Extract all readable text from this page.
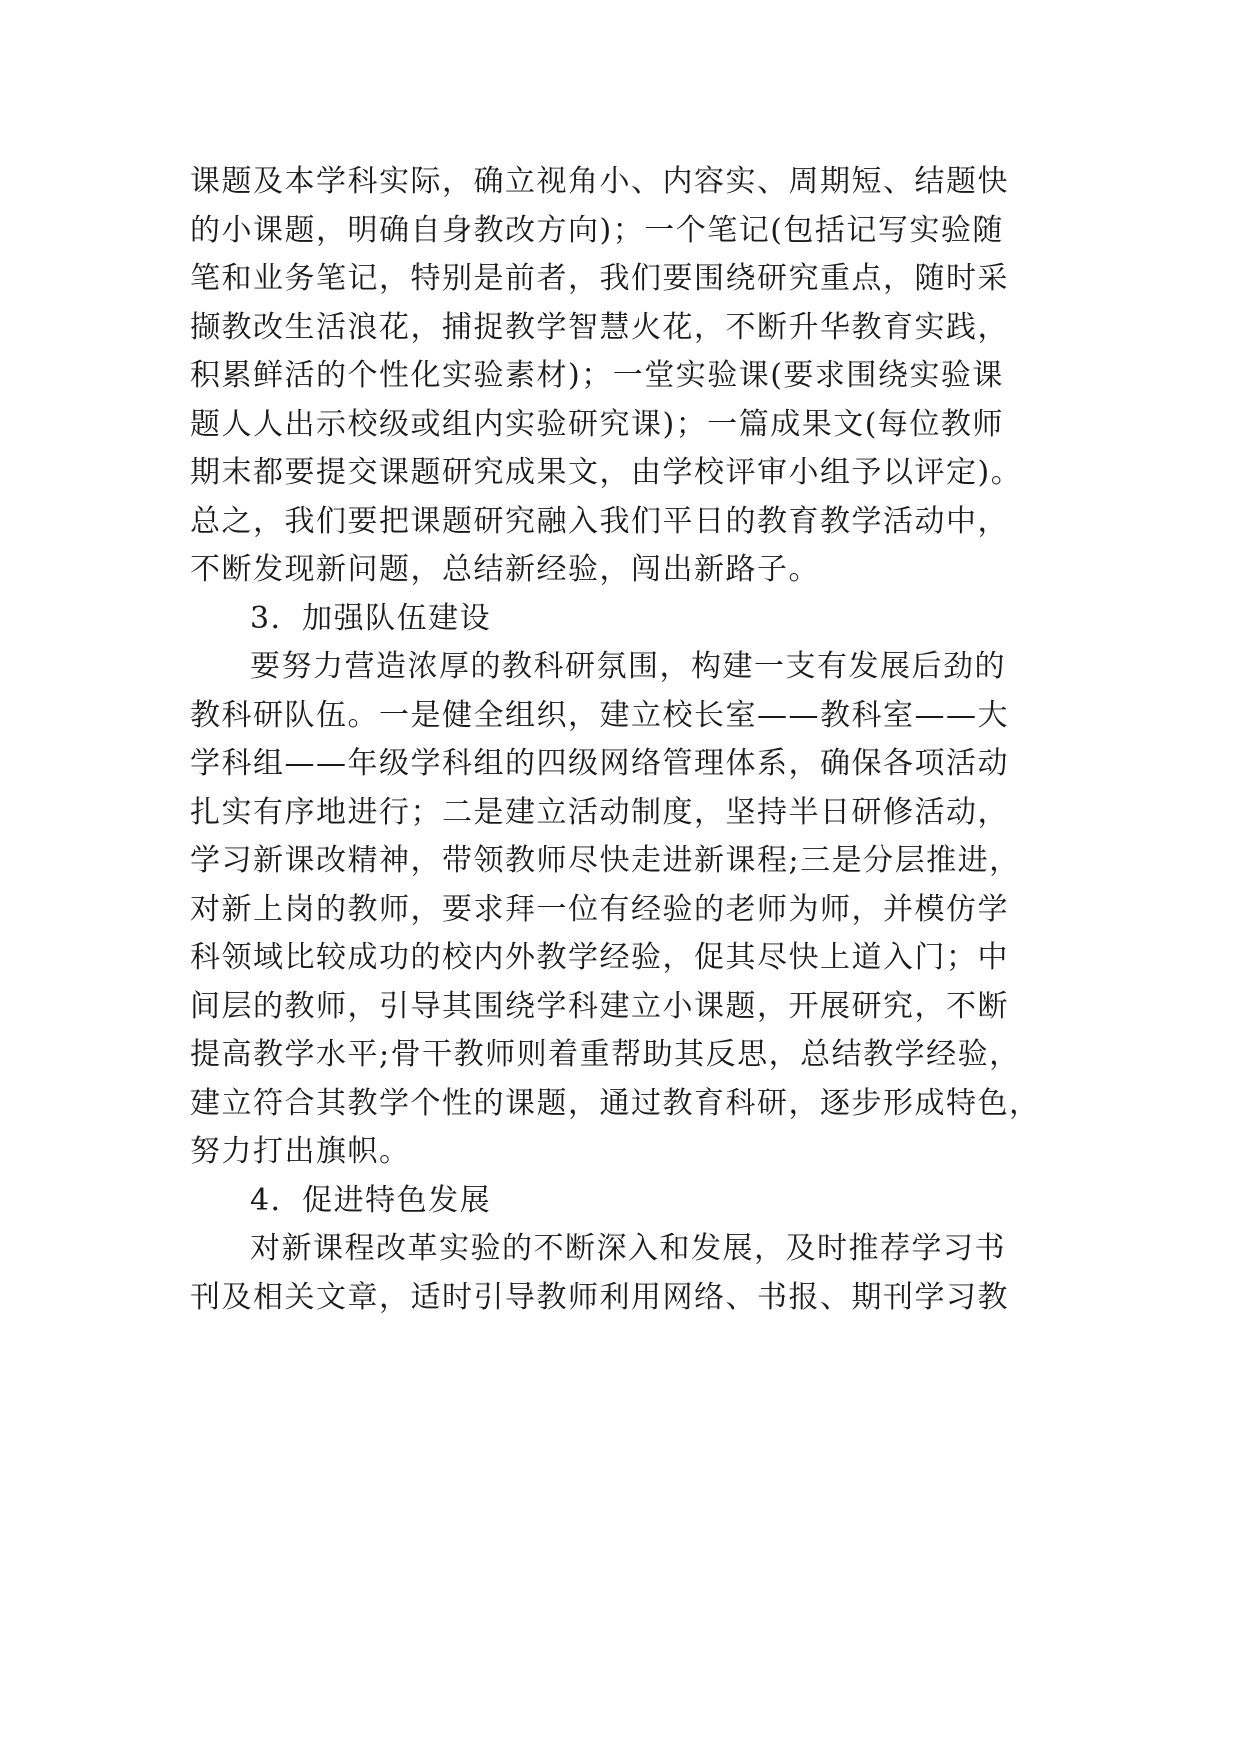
课题及本学科实际，确立视角小、内容实、周期短、结题快
的小课题，明确自身教改方向)；一个笔记(包括记写实验随
笔和业务笔记，特别是前者，我们要围绕研究重点，随时采
撷教改生活浪花，捕捉教学智慧火花，不断升华教育实践，
积累鲜活的个性化实验素材)；一堂实验课(要求围绕实验课
题人人出示校级或组内实验研究课)；一篇成果文(每位教师
期末都要提交课题研究成果文，由学校评审小组予以评定)。
总之，我们要把课题研究融入我们平日的教育教学活动中，
不断发现新问题，总结新经验，闯出新路子。
3．加强队伍建设
要努力营造浓厚的教科研氛围，构建一支有发展后劲的
教科研队伍。一是健全组织，建立校长室——教科室——大
学科组——年级学科组的四级网络管理体系，确保各项活动
扎实有序地进行；二是建立活动制度，坚持半日研修活动，
学习新课改精神，带领教师尽快走进新课程;三是分层推进，
对新上岗的教师，要求拜一位有经验的老师为师，并模仿学
科领域比较成功的校内外教学经验，促其尽快上道入门；中
间层的教师，引导其围绕学科建立小课题，开展研究，不断
提高教学水平;骨干教师则着重帮助其反思，总结教学经验，
建立符合其教学个性的课题，通过教育科研，逐步形成特色，
努力打出旗帜。
4．促进特色发展
对新课程改革实验的不断深入和发展，及时推荐学习书
刊及相关文章，适时引导教师利用网络、书报、期刊学习教
